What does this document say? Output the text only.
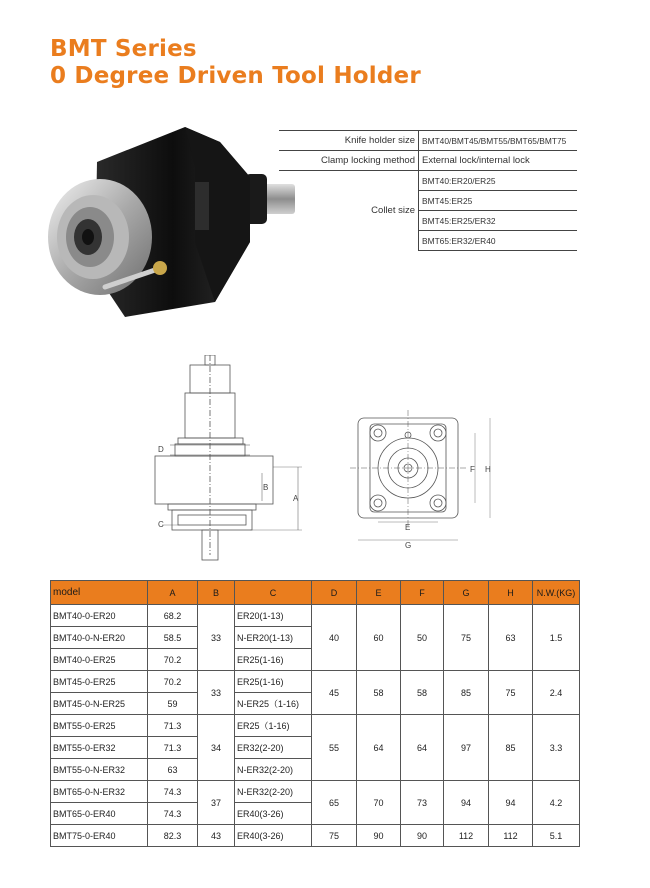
BMT Series
0 Degree Driven Tool Holder
Knife holder size	BMT40/BMT45/BMT55/BMT65/BMT75
Clamp locking method	External lock/internal lock
Collet size	BMT40:ER20/ER25
	BMT45:ER25
	BMT45:ER25/ER32
	BMT65:ER32/ER40
D
B
A
C	E
G
F H
model	A	B	C	D	E	F	G	H	N.W.(KG)
BMT40-0-ER20	68.2	33	ER20(1-13)	40	60	50	75	63	1.5
BMT40-0-N-ER20	58.5		N-ER20(1-13)						
BMT40-0-ER25	70.2		ER25(1-16)						
BMT45-0-ER25	70.2	33	ER25(1-16)	45	58	58	85	75	2.4
BMT45-0-N-ER25	59		N-ER25（1-16)						
BMT55-0-ER25	71.3	34	ER25（1-16)	55	64	64	97	85	3.3
BMT55-0-ER32	71.3		ER32(2-20)						
BMT55-0-N-ER32	63		N-ER32(2-20)						
BMT65-0-N-ER32	74.3	37	N-ER32(2-20)	65	70	73	94	94	4.2
BMT65-0-ER40	74.3		ER40(3-26)						
BMT75-0-ER40	82.3	43	ER40(3-26)	75	90	90	112	112	5.1
